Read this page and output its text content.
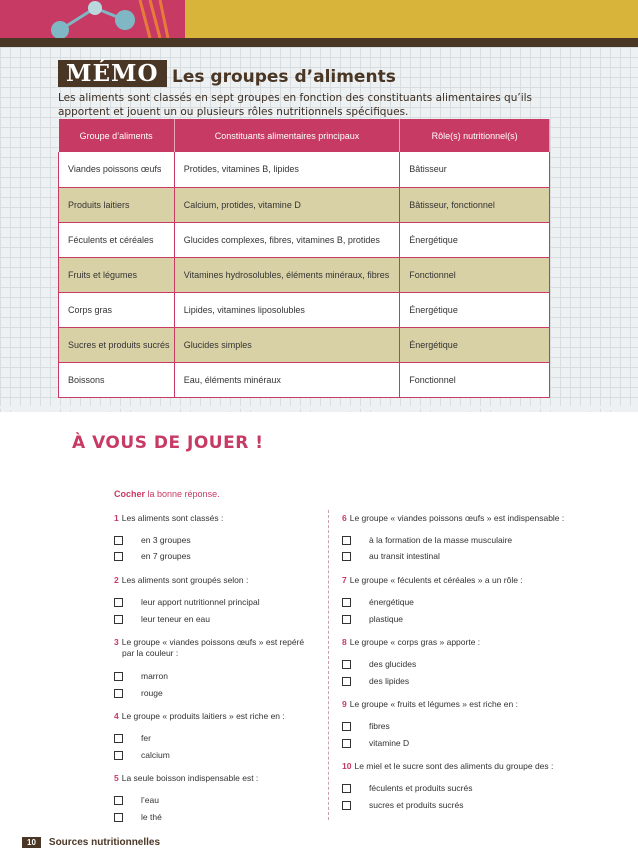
MÉMO Les groupes d’aliments
Les aliments sont classés en sept groupes en fonction des constituants alimentaires qu’ils apportent et jouent un ou plusieurs rôles nutritionnels spécifiques.
Groupe d’aliments	Constituants alimentaires principaux	Rôle(s) nutritionnel(s)
Viandes poissons œufs	Protides, vitamines B, lipides	Bâtisseur
Produits laitiers	Calcium, protides, vitamine D	Bâtisseur, fonctionnel
Féculents et céréales	Glucides complexes, fibres, vitamines B, protides	Énergétique
Fruits et légumes	Vitamines hydrosolubles, éléments minéraux, fibres	Fonctionnel
Corps gras	Lipides, vitamines liposolubles	Énergétique
Sucres et produits sucrés	Glucides simples	Énergétique
Boissons	Eau, éléments minéraux	Fonctionnel
À VOUS DE JOUER !
Cocher la bonne réponse.
1 Les aliments sont classés :
en 3 groupes
en 7 groupes
2 Les aliments sont groupés selon :
leur apport nutritionnel principal
leur teneur en eau
3 Le groupe « viandes poissons œufs » est repéré
par la couleur :
marron
rouge
4 Le groupe « produits laitiers » est riche en :
fer
calcium
5 La seule boisson indispensable est :
l’eau
le thé
6 Le groupe « viandes poissons œufs » est indispensable :
à la formation de la masse musculaire
au transit intestinal
7 Le groupe « féculents et céréales » a un rôle :
énergétique
plastique
8 Le groupe « corps gras » apporte :
des glucides
des lipides
9 Le groupe « fruits et légumes » est riche en :
fibres
vitamine D
10 Le miel et le sucre sont des aliments du groupe des :
féculents et produits sucrés
sucres et produits sucrés
10	Sources nutritionnelles
